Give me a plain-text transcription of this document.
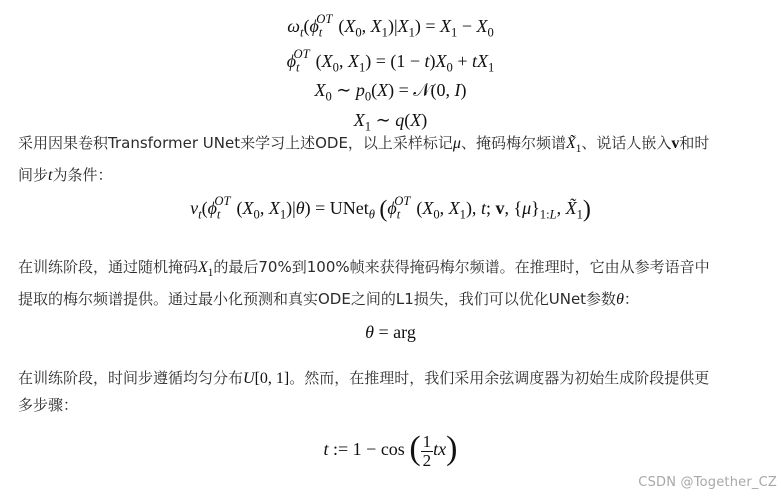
$\omega_t(\phi_t^{OT}$ ($X_0$, $X_1)|X_1) = X_1 - X_0$
$\phi_t^{OT}$ ($X_0$, $X_1) = (1 - t)X_0 + tX_1$
$X_0$ ∼ $p_0(X)$ = 𝒩(0, I)
$X_1$ ∼ q(X)
采用因果卷积Transformer UNet来学习上述ODE，以上采样标记μ、掩码梅尔频谱$X̃_1$、说话人嵌入v和时
间步t为条件：
$\nu_t(\phi_t^{OT}$ ($X_0$, $X_1)|\theta$) = UNet$_\theta$ ($\phi_t^{OT}$ ($X_0$, $X_1$), t; v, $\{\mu\}_{1:L}$, $X̃_1$)
在训练阶段，通过随机掩码$X_1$的最后70%到100%帧来获得掩码梅尔频谱。在推理时，它由从参考语音中
提取的梅尔频谱提供。通过最小化预测和真实ODE之间的L1损失，我们可以优化UNet参数θ：
θ = arg
在训练阶段，时间步遵循均匀分布U[0, 1]。然而，在推理时，我们采用余弦调度器为初始生成阶段提供更
多步骤：
t := 1 − cos ( $\frac{1}{2} tx$)
CSDN @Together_CZ
